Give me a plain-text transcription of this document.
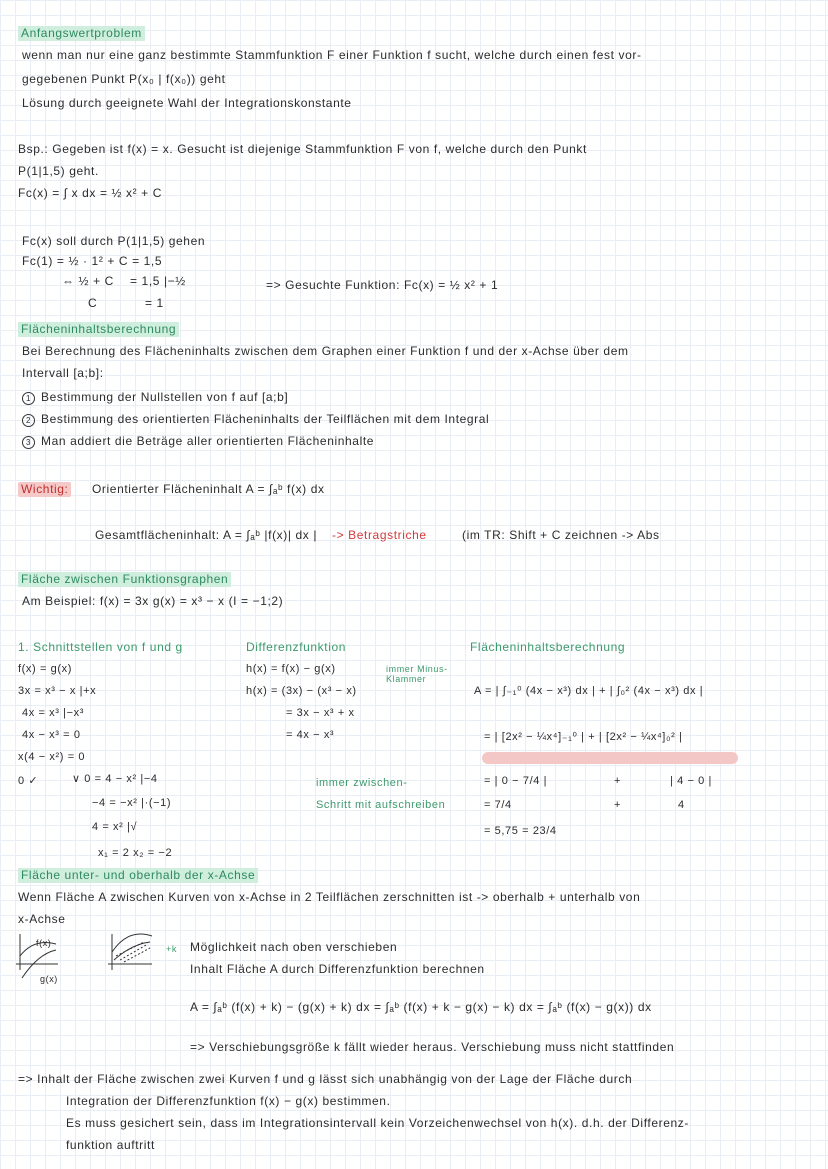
Anfangswertproblem
wenn man nur eine ganz bestimmte Stammfunktion F einer Funktion f sucht, welche durch einen fest vor-
gegebenen Punkt P(x₀ | f(x₀)) geht
Lösung durch geeignete Wahl der Integrationskonstante
Bsp.: Gegeben ist f(x) = x. Gesucht ist diejenige Stammfunktion F von f, welche durch den Punkt
P(1|1,5) geht.
Fc(x) = ∫ x dx = ½ x² + C
Fc(x) soll durch P(1|1,5) gehen
Fc(1) = ½ · 1² + C = 1,5
⇔ ½ + C = 1,5 |−½
C	= 1
=> Gesuchte Funktion: Fc(x) = ½ x² + 1
Flächeninhaltsberechnung
Bei Berechnung des Flächeninhalts zwischen dem Graphen einer Funktion f und der x-Achse über dem
Intervall [a;b]:
1 Bestimmung der Nullstellen von f auf [a;b]
2 Bestimmung des orientierten Flächeninhalts der Teilflächen mit dem Integral
3 Man addiert die Beträge aller orientierten Flächeninhalte
Wichtig: Orientierter Flächeninhalt A = ∫ₐᵇ f(x) dx
Gesamtflächeninhalt: A = ∫ₐᵇ |f(x)| dx | -> Betragstriche	(im TR: Shift + C zeichnen -> Abs
Fläche zwischen Funktionsgraphen
Am Beispiel: f(x) = 3x g(x) = x³ − x (I = −1;2)
1. Schnittstellen von f und g
f(x) = g(x)
3x = x³ − x |+x
4x = x³ |−x³
4x − x³ = 0
x(4 − x²) = 0
0 ✓	∨ 0 = 4 − x² |−4
−4 = −x² |·(−1)
4 = x² |√
x₁ = 2 x₂ = −2
Differenzfunktion
h(x) = f(x) − g(x)
h(x) = (3x) − (x³ − x)
= 3x − x³ + x
= 4x − x³
immer Minus-Klammer
immer zwischen-
Schritt mit aufschreiben
Flächeninhaltsberechnung
A = | ∫₋₁⁰ (4x − x³) dx | + | ∫₀² (4x − x³) dx |
= | [2x² − ¼x⁴]₋₁⁰ | + | [2x² − ¼x⁴]₀² |
= | 0 − 7/4 |	+	| 4 − 0 |
= 7/4	+	4
= 5,75 = 23/4
Fläche unter- und oberhalb der x-Achse
Wenn Fläche A zwischen Kurven von x-Achse in 2 Teilflächen zerschnitten ist -> oberhalb + unterhalb von
x-Achse
f(x)
g(x)
+k Möglichkeit nach oben verschieben
Inhalt Fläche A durch Differenzfunktion berechnen
A = ∫ₐᵇ (f(x) + k) − (g(x) + k) dx = ∫ₐᵇ (f(x) + k − g(x) − k) dx = ∫ₐᵇ (f(x) − g(x)) dx
=> Verschiebungsgröße k fällt wieder heraus. Verschiebung muss nicht stattfinden
=> Inhalt der Fläche zwischen zwei Kurven f und g lässt sich unabhängig von der Lage der Fläche durch
Integration der Differenzfunktion f(x) − g(x) bestimmen.
Es muss gesichert sein, dass im Integrationsintervall kein Vorzeichenwechsel von h(x). d.h. der Differenz-
funktion auftritt
